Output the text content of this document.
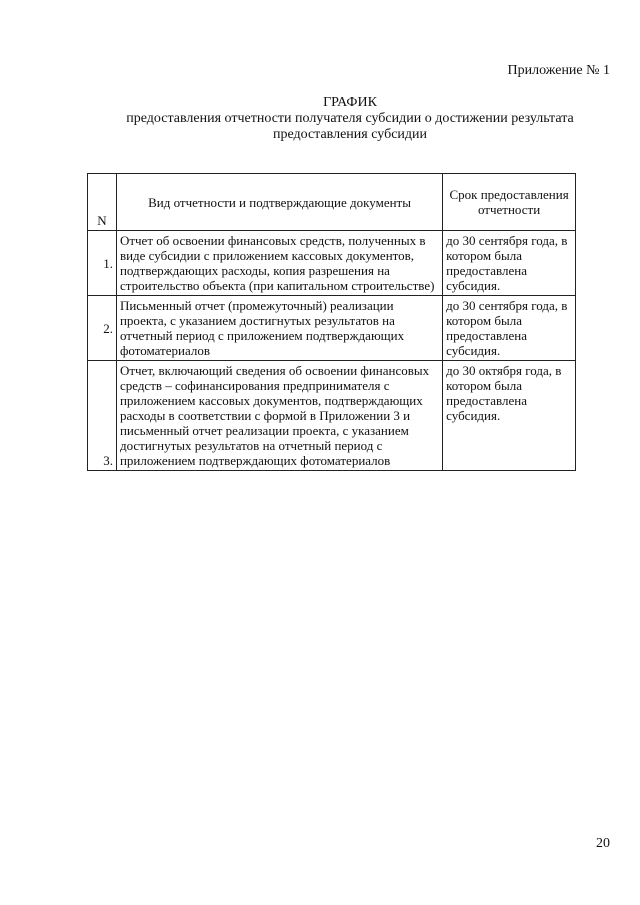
Приложение № 1
ГРАФИК
предоставления отчетности получателя субсидии о достижении результата предоставления субсидии
N	Вид отчетности и подтверждающие документы	Срок предоставления отчетности
1.	Отчет об освоении финансовых средств, полученных в виде субсидии с приложением кассовых документов, подтверждающих расходы, копия разрешения на строительство объекта (при капитальном строительстве)	до 30 сентября года, в котором была предоставлена субсидия.
2.	Письменный отчет (промежуточный) реализации проекта, с указанием достигнутых результатов на отчетный период с приложением подтверждающих фотоматериалов	до 30 сентября года, в котором была предоставлена субсидия.
3.	Отчет, включающий сведения об освоении финансовых средств – софинансирования предпринимателя с приложением кассовых документов, подтверждающих расходы в соответствии с формой в Приложении 3 и письменный отчет реализации проекта, с указанием достигнутых результатов на отчетный период с приложением подтверждающих фотоматериалов	до 30 октября года, в котором была предоставлена субсидия.
20
